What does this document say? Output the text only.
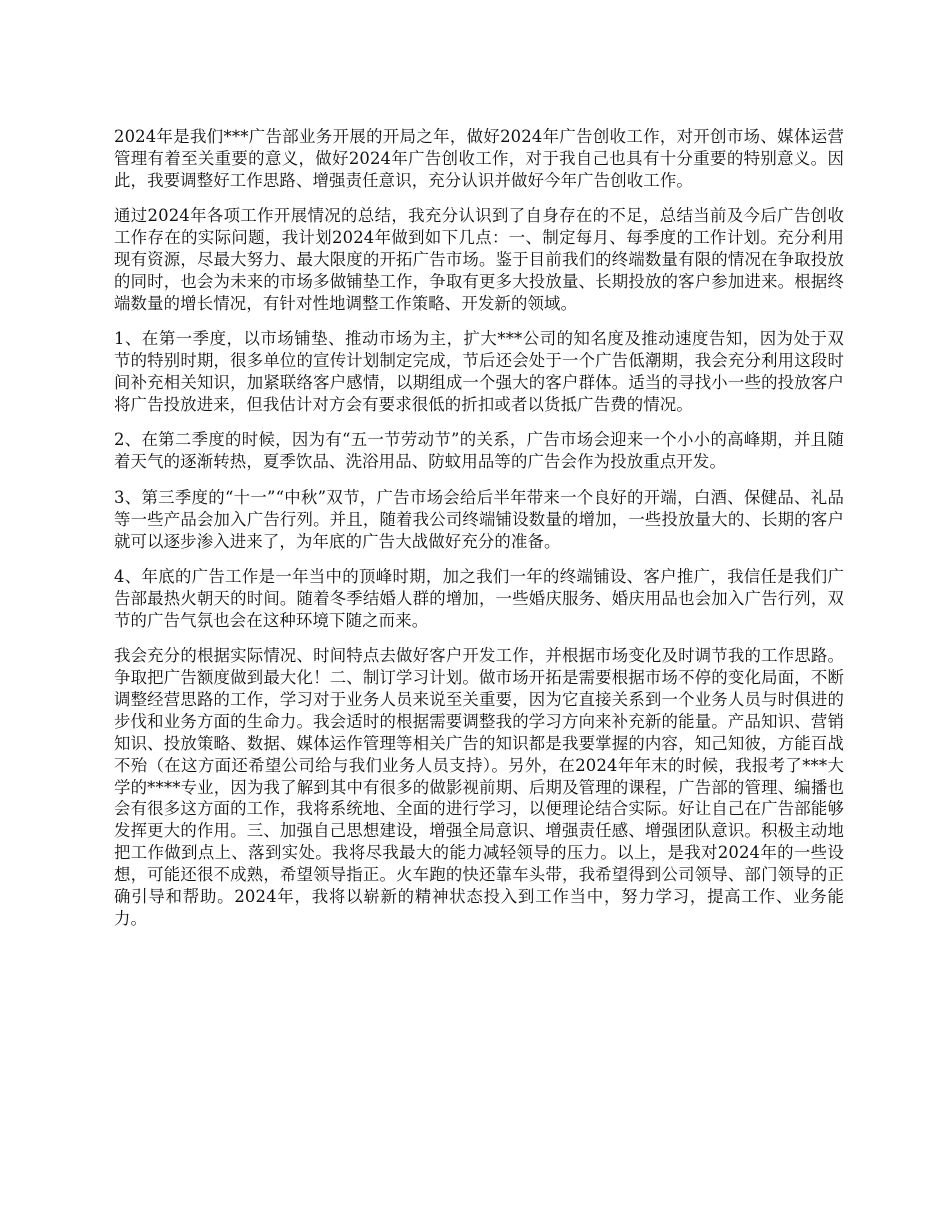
2024年是我们***广告部业务开展的开局之年，做好2024年广告创收工作，对开创市场、媒体运营管理有着至关重要的意义，做好2024年广告创收工作，对于我自己也具有十分重要的特别意义。因此，我要调整好工作思路、增强责任意识，充分认识并做好今年广告创收工作。

通过2024年各项工作开展情况的总结，我充分认识到了自身存在的不足，总结当前及今后广告创收工作存在的实际问题，我计划2024年做到如下几点：一、制定每月、每季度的工作计划。充分利用现有资源，尽最大努力、最大限度的开拓广告市场。鉴于目前我们的终端数量有限的情况在争取投放的同时，也会为未来的市场多做铺垫工作，争取有更多大投放量、长期投放的客户参加进来。根据终端数量的增长情况，有针对性地调整工作策略、开发新的领域。

1、在第一季度，以市场铺垫、推动市场为主，扩大***公司的知名度及推动速度告知，因为处于双节的特别时期，很多单位的宣传计划制定完成，节后还会处于一个广告低潮期，我会充分利用这段时间补充相关知识，加紧联络客户感情，以期组成一个强大的客户群体。适当的寻找小一些的投放客户将广告投放进来，但我估计对方会有要求很低的折扣或者以货抵广告费的情况。

2、在第二季度的时候，因为有“五一节劳动节”的关系，广告市场会迎来一个小小的高峰期，并且随着天气的逐渐转热，夏季饮品、洗浴用品、防蚊用品等的广告会作为投放重点开发。

3、第三季度的“十一”“中秋”双节，广告市场会给后半年带来一个良好的开端，白酒、保健品、礼品等一些产品会加入广告行列。并且，随着我公司终端铺设数量的增加，一些投放量大的、长期的客户就可以逐步渗入进来了，为年底的广告大战做好充分的准备。

4、年底的广告工作是一年当中的顶峰时期，加之我们一年的终端铺设、客户推广，我信任是我们广告部最热火朝天的时间。随着冬季结婚人群的增加，一些婚庆服务、婚庆用品也会加入广告行列，双节的广告气氛也会在这种环境下随之而来。

我会充分的根据实际情况、时间特点去做好客户开发工作，并根据市场变化及时调节我的工作思路。争取把广告额度做到最大化！二、制订学习计划。做市场开拓是需要根据市场不停的变化局面，不断调整经营思路的工作，学习对于业务人员来说至关重要，因为它直接关系到一个业务人员与时俱进的步伐和业务方面的生命力。我会适时的根据需要调整我的学习方向来补充新的能量。产品知识、营销知识、投放策略、数据、媒体运作管理等相关广告的知识都是我要掌握的内容，知己知彼，方能百战不殆（在这方面还希望公司给与我们业务人员支持）。另外，在2024年年末的时候，我报考了***大学的****专业，因为我了解到其中有很多的做影视前期、后期及管理的课程，广告部的管理、编播也会有很多这方面的工作，我将系统地、全面的进行学习，以便理论结合实际。好让自己在广告部能够发挥更大的作用。三、加强自己思想建设，增强全局意识、增强责任感、增强团队意识。积极主动地把工作做到点上、落到实处。我将尽我最大的能力减轻领导的压力。以上，是我对2024年的一些设想，可能还很不成熟，希望领导指正。火车跑的快还靠车头带，我希望得到公司领导、部门领导的正确引导和帮助。2024年，我将以崭新的精神状态投入到工作当中，努力学习，提高工作、业务能力。
